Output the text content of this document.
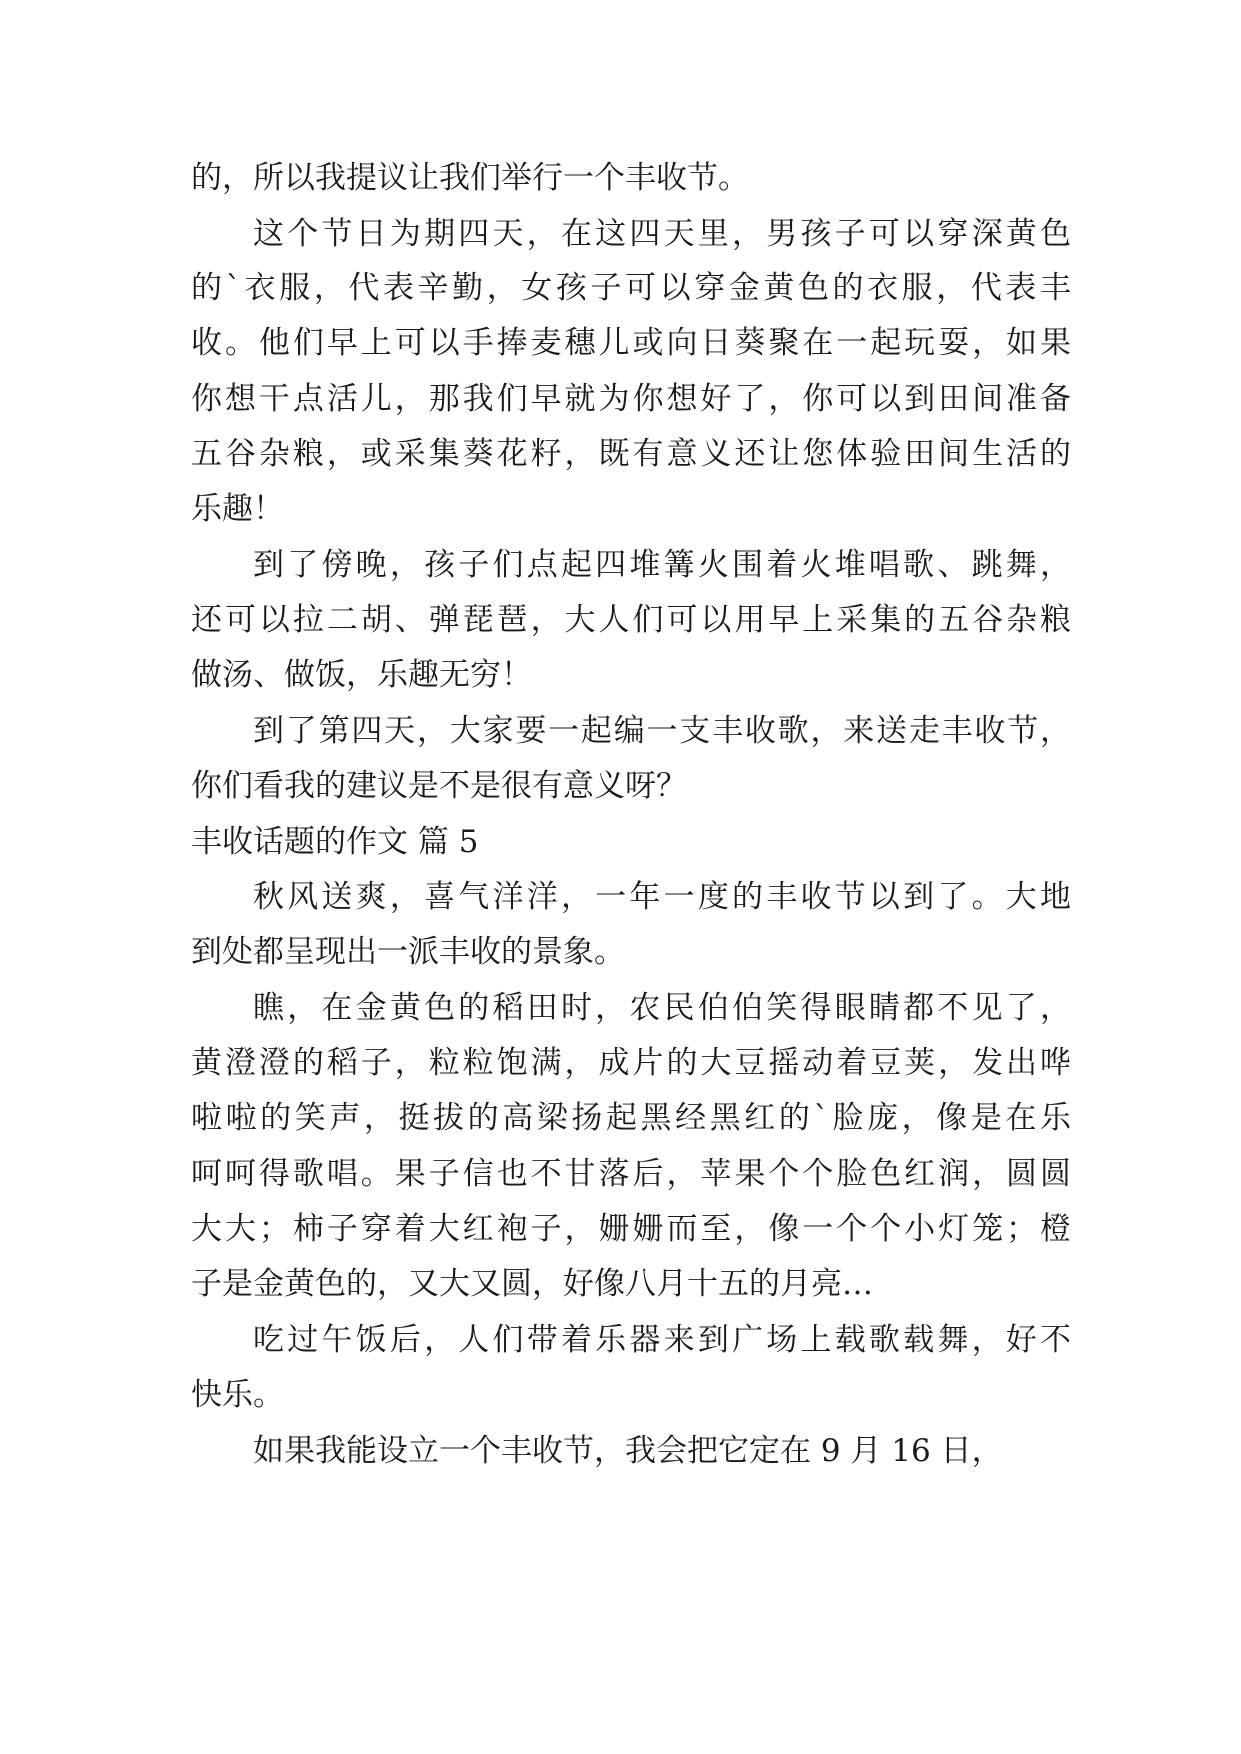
的，所以我提议让我们举行一个丰收节。

这个节日为期四天，在这四天里，男孩子可以穿深黄色

的`衣服，代表辛勤，女孩子可以穿金黄色的衣服，代表丰

收。他们早上可以手捧麦穗儿或向日葵聚在一起玩耍，如果

你想干点活儿，那我们早就为你想好了，你可以到田间准备

五谷杂粮，或采集葵花籽，既有意义还让您体验田间生活的

乐趣！

到了傍晚，孩子们点起四堆篝火围着火堆唱歌、跳舞，

还可以拉二胡、弹琵琶，大人们可以用早上采集的五谷杂粮

做汤、做饭，乐趣无穷！

到了第四天，大家要一起编一支丰收歌，来送走丰收节，

你们看我的建议是不是很有意义呀？

丰收话题的作文 篇 5

秋风送爽，喜气洋洋，一年一度的丰收节以到了。大地

到处都呈现出一派丰收的景象。

瞧，在金黄色的稻田时，农民伯伯笑得眼睛都不见了，

黄澄澄的稻子，粒粒饱满，成片的大豆摇动着豆荚，发出哗

啦啦的笑声，挺拔的高梁扬起黑经黑红的`脸庞，像是在乐

呵呵得歌唱。果子信也不甘落后，苹果个个脸色红润，圆圆

大大；柿子穿着大红袍子，姗姗而至，像一个个小灯笼；橙

子是金黄色的，又大又圆，好像八月十五的月亮…

吃过午饭后，人们带着乐器来到广场上载歌载舞，好不

快乐。

如果我能设立一个丰收节，我会把它定在 9 月 16 日，
